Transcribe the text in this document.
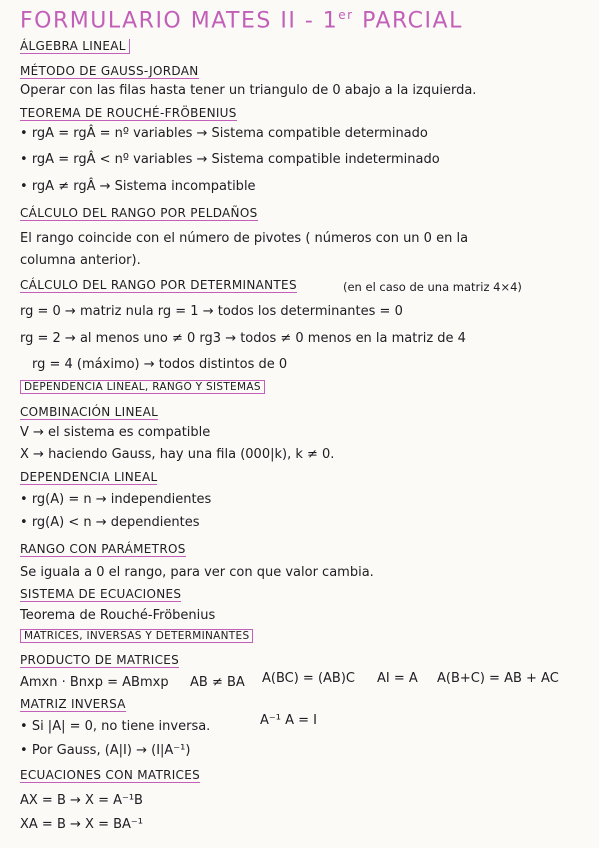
FORMULARIO MATES II - 1er PARCIAL
ÁLGEBRA LINEAL
MÉTODO DE GAUSS-JORDAN
Operar con las filas hasta tener un triangulo de 0 abajo a la izquierda.
TEOREMA DE ROUCHÉ-FRÖBENIUS
• rgA = rgÂ = nº variables → Sistema compatible determinado
• rgA = rgÂ < nº variables → Sistema compatible indeterminado
• rgA ≠ rgÂ → Sistema incompatible
CÁLCULO DEL RANGO POR PELDAÑOS
El rango coincide con el número de pivotes ( números con un 0 en la
columna anterior).
CÁLCULO DEL RANGO POR DETERMINANTES	(en el caso de una matriz 4×4)
rg = 0 → matriz nula rg = 1 → todos los determinantes = 0
rg = 2 → al menos uno ≠ 0 rg3 → todos ≠ 0 menos en la matriz de 4
rg = 4 (máximo) → todos distintos de 0
DEPENDENCIA LINEAL, RANGO Y SISTEMAS
COMBINACIÓN LINEAL
V → el sistema es compatible
X → haciendo Gauss, hay una fila (000|k), k ≠ 0.
DEPENDENCIA LINEAL
• rg(A) = n → independientes
• rg(A) < n → dependientes
RANGO CON PARÁMETROS
Se iguala a 0 el rango, para ver con que valor cambia.
SISTEMA DE ECUACIONES
Teorema de Rouché-Fröbenius
MATRICES, INVERSAS Y DETERMINANTES
PRODUCTO DE MATRICES
Amxn · Bnxp = ABmxp AB ≠ BA A(BC) = (AB)C AI = A A(B+C) = AB + AC
MATRIZ INVERSA
• Si |A| = 0, no tiene inversa.	A⁻¹ A = I
• Por Gauss, (A|I) → (I|A⁻¹)
ECUACIONES CON MATRICES
AX = B → X = A⁻¹B
XA = B → X = BA⁻¹
